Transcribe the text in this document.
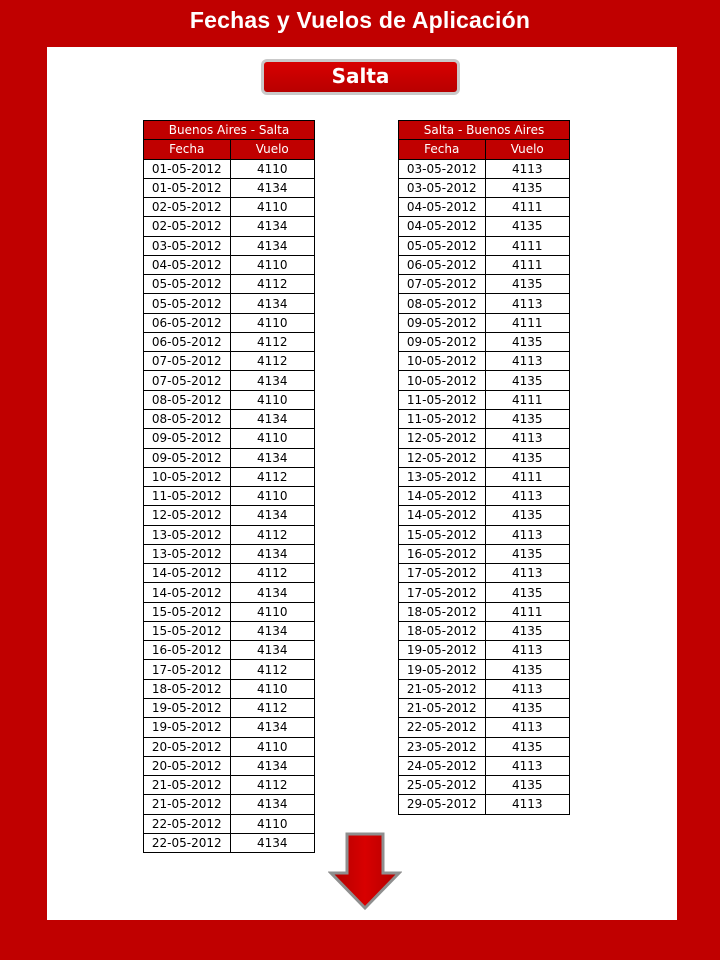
Fechas y Vuelos de Aplicación
Salta
Buenos Aires - Salta	
Fecha	Vuelo
01-05-2012	4110
01-05-2012	4134
02-05-2012	4110
02-05-2012	4134
03-05-2012	4134
04-05-2012	4110
05-05-2012	4112
05-05-2012	4134
06-05-2012	4110
06-05-2012	4112
07-05-2012	4112
07-05-2012	4134
08-05-2012	4110
08-05-2012	4134
09-05-2012	4110
09-05-2012	4134
10-05-2012	4112
11-05-2012	4110
12-05-2012	4134
13-05-2012	4112
13-05-2012	4134
14-05-2012	4112
14-05-2012	4134
15-05-2012	4110
15-05-2012	4134
16-05-2012	4134
17-05-2012	4112
18-05-2012	4110
19-05-2012	4112
19-05-2012	4134
20-05-2012	4110
20-05-2012	4134
21-05-2012	4112
21-05-2012	4134
22-05-2012	4110
22-05-2012	4134
Salta - Buenos Aires	
Fecha	Vuelo
03-05-2012	4113
03-05-2012	4135
04-05-2012	4111
04-05-2012	4135
05-05-2012	4111
06-05-2012	4111
07-05-2012	4135
08-05-2012	4113
09-05-2012	4111
09-05-2012	4135
10-05-2012	4113
10-05-2012	4135
11-05-2012	4111
11-05-2012	4135
12-05-2012	4113
12-05-2012	4135
13-05-2012	4111
14-05-2012	4113
14-05-2012	4135
15-05-2012	4113
16-05-2012	4135
17-05-2012	4113
17-05-2012	4135
18-05-2012	4111
18-05-2012	4135
19-05-2012	4113
19-05-2012	4135
21-05-2012	4113
21-05-2012	4135
22-05-2012	4113
23-05-2012	4135
24-05-2012	4113
25-05-2012	4135
29-05-2012	4113
